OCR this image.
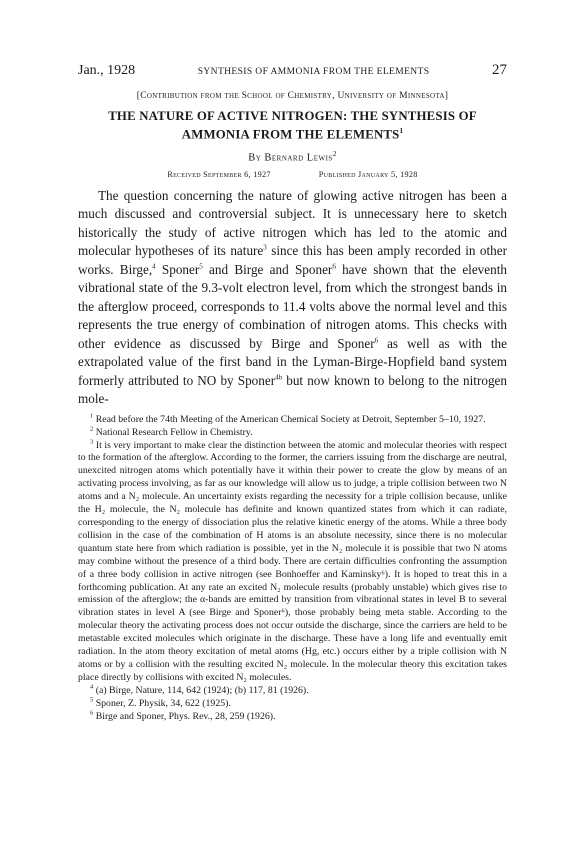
Jan., 1928	SYNTHESIS OF AMMONIA FROM THE ELEMENTS	27
[Contribution from the School of Chemistry, University of Minnesota]
THE NATURE OF ACTIVE NITROGEN: THE SYNTHESIS OF
AMMONIA FROM THE ELEMENTS$^1$
By Bernard Lewis$^2$
Received September 6, 1927	Published January 5, 1928

The question concerning the nature of glowing active nitrogen has been a much discussed and controversial subject. It is unnecessary here to sketch historically the study of active nitrogen which has led to the atomic and molecular hypotheses of its nature$^3$ since this has been amply recorded in other works. Birge,$^4$ Sponer$^5$ and Birge and Sponer$^6$ have shown that the eleventh vibrational state of the 9.3-volt electron level, from which the strongest bands in the afterglow proceed, corresponds to 11.4 volts above the normal level and this represents the true energy of combination of nitrogen atoms. This checks with other evidence as discussed by Birge and Sponer$^6$ as well as with the extrapolated value of the first band in the Lyman-Birge-Hopfield band system formerly attributed to NO by Sponer$^{4b}$ but now known to belong to the nitrogen mole-

$^1$ Read before the 74th Meeting of the American Chemical Society at Detroit, September 5–10, 1927.

$^2$ National Research Fellow in Chemistry.

$^3$ It is very important to make clear the distinction between the atomic and molecular theories with respect to the formation of the afterglow. According to the former, the carriers issuing from the discharge are neutral, unexcited nitrogen atoms which potentially have it within their power to create the glow by means of an activating process involving, as far as our knowledge will allow us to judge, a triple collision between two N atoms and a N₂ molecule. An uncertainty exists regarding the necessity for a triple collision because, unlike the H₂ molecule, the N₂ molecule has definite and known quantized states from which it can radiate, corresponding to the energy of dissociation plus the relative kinetic energy of the atoms. While a three body collision in the case of the combination of H atoms is an absolute necessity, since there is no molecular quantum state here from which radiation is possible, yet in the N₂ molecule it is possible that two N atoms may combine without the presence of a third body. There are certain difficulties confronting the assumption of a three body collision in active nitrogen (see Bonhoeffer and Kaminsky⁶). It is hoped to treat this in a forthcoming publication. At any rate an excited N₂ molecule results (probably unstable) which gives rise to emission of the afterglow; the α-bands are emitted by transition from vibrational states in level B to several vibration states in level A (see Birge and Sponer⁶), those probably being meta stable. According to the molecular theory the activating process does not occur outside the discharge, since the carriers are held to be metastable excited molecules which originate in the discharge. These have a long life and eventually emit radiation. In the atom theory excitation of metal atoms (Hg, etc.) occurs either by a triple collision with N atoms or by a collision with the resulting excited N₂ molecule. In the molecular theory this excitation takes place directly by collisions with excited N₂ molecules.

$^4$ (a) Birge, Nature, 114, 642 (1924); (b) 117, 81 (1926).

$^5$ Sponer, Z. Physik, 34, 622 (1925).

$^6$ Birge and Sponer, Phys. Rev., 28, 259 (1926).
